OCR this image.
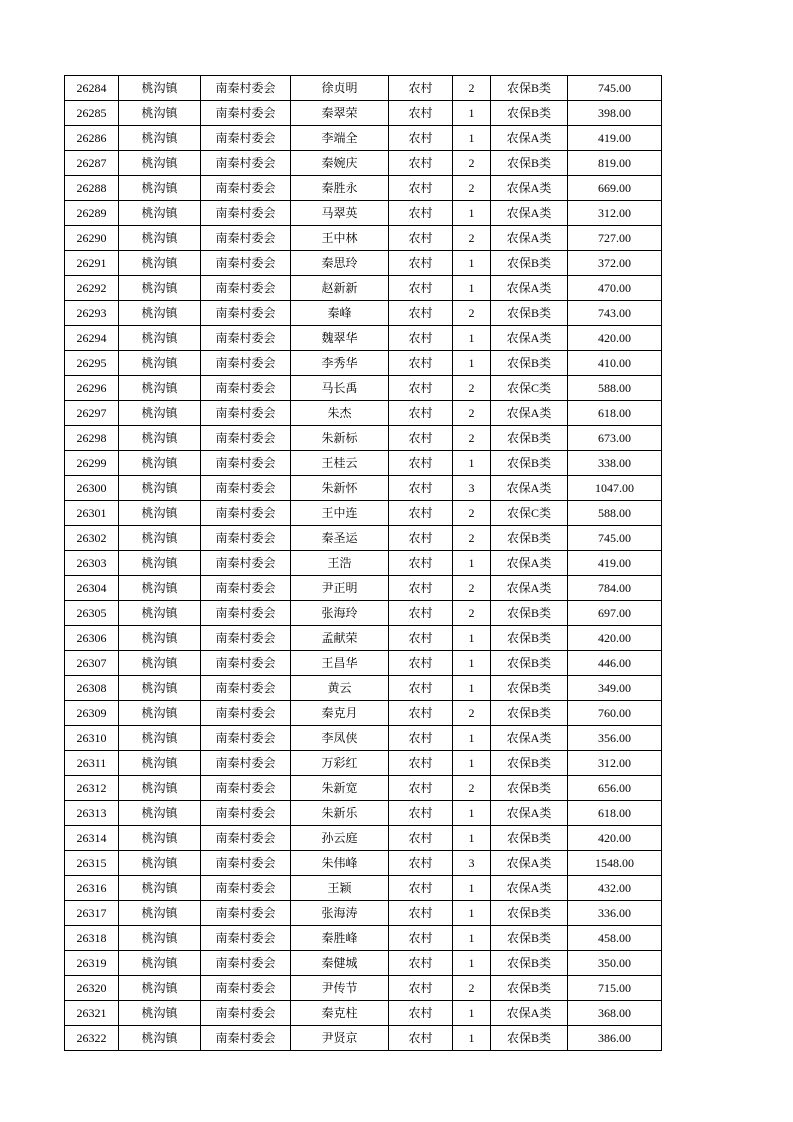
26284	桃沟镇	南秦村委会	徐贞明	农村	2	农保B类	745.00
26285	桃沟镇	南秦村委会	秦翠荣	农村	1	农保B类	398.00
26286	桃沟镇	南秦村委会	李端全	农村	1	农保A类	419.00
26287	桃沟镇	南秦村委会	秦婉庆	农村	2	农保B类	819.00
26288	桃沟镇	南秦村委会	秦胜永	农村	2	农保A类	669.00
26289	桃沟镇	南秦村委会	马翠英	农村	1	农保A类	312.00
26290	桃沟镇	南秦村委会	王中林	农村	2	农保A类	727.00
26291	桃沟镇	南秦村委会	秦思玲	农村	1	农保B类	372.00
26292	桃沟镇	南秦村委会	赵新新	农村	1	农保A类	470.00
26293	桃沟镇	南秦村委会	秦峰	农村	2	农保B类	743.00
26294	桃沟镇	南秦村委会	魏翠华	农村	1	农保A类	420.00
26295	桃沟镇	南秦村委会	李秀华	农村	1	农保B类	410.00
26296	桃沟镇	南秦村委会	马长禹	农村	2	农保C类	588.00
26297	桃沟镇	南秦村委会	朱杰	农村	2	农保A类	618.00
26298	桃沟镇	南秦村委会	朱新标	农村	2	农保B类	673.00
26299	桃沟镇	南秦村委会	王桂云	农村	1	农保B类	338.00
26300	桃沟镇	南秦村委会	朱新怀	农村	3	农保A类	1047.00
26301	桃沟镇	南秦村委会	王中连	农村	2	农保C类	588.00
26302	桃沟镇	南秦村委会	秦圣运	农村	2	农保B类	745.00
26303	桃沟镇	南秦村委会	王浩	农村	1	农保A类	419.00
26304	桃沟镇	南秦村委会	尹正明	农村	2	农保A类	784.00
26305	桃沟镇	南秦村委会	张海玲	农村	2	农保B类	697.00
26306	桃沟镇	南秦村委会	孟献荣	农村	1	农保B类	420.00
26307	桃沟镇	南秦村委会	王昌华	农村	1	农保B类	446.00
26308	桃沟镇	南秦村委会	黄云	农村	1	农保B类	349.00
26309	桃沟镇	南秦村委会	秦克月	农村	2	农保B类	760.00
26310	桃沟镇	南秦村委会	李凤侠	农村	1	农保A类	356.00
26311	桃沟镇	南秦村委会	万彩红	农村	1	农保B类	312.00
26312	桃沟镇	南秦村委会	朱新宽	农村	2	农保B类	656.00
26313	桃沟镇	南秦村委会	朱新乐	农村	1	农保A类	618.00
26314	桃沟镇	南秦村委会	孙云庭	农村	1	农保B类	420.00
26315	桃沟镇	南秦村委会	朱伟峰	农村	3	农保A类	1548.00
26316	桃沟镇	南秦村委会	王颖	农村	1	农保A类	432.00
26317	桃沟镇	南秦村委会	张海涛	农村	1	农保B类	336.00
26318	桃沟镇	南秦村委会	秦胜峰	农村	1	农保B类	458.00
26319	桃沟镇	南秦村委会	秦健城	农村	1	农保B类	350.00
26320	桃沟镇	南秦村委会	尹传节	农村	2	农保B类	715.00
26321	桃沟镇	南秦村委会	秦克柱	农村	1	农保A类	368.00
26322	桃沟镇	南秦村委会	尹贤京	农村	1	农保B类	386.00
